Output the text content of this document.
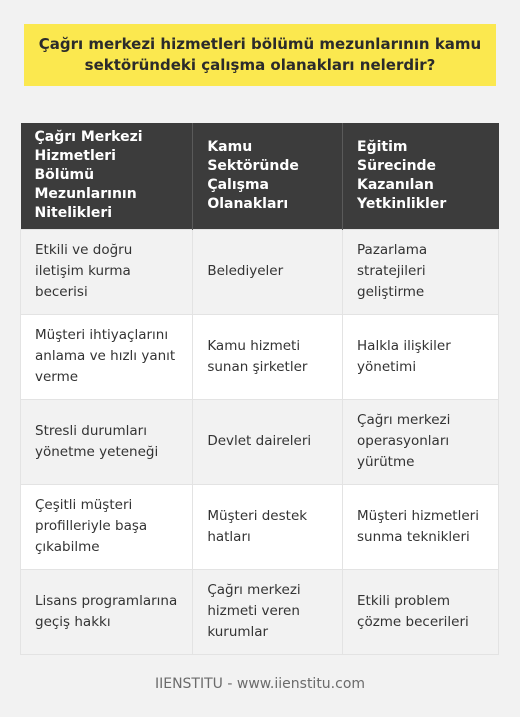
Çağrı merkezi hizmetleri bölümü mezunlarının kamu sektöründeki çalışma olanakları nelerdir?
Çağrı Merkezi Hizmetleri Bölümü Mezunlarının Nitelikleri	Kamu Sektöründe Çalışma Olanakları	Eğitim Sürecinde Kazanılan Yetkinlikler
Etkili ve doğru iletişim kurma becerisi	Belediyeler	Pazarlama stratejileri geliştirme
Müşteri ihtiyaçlarını anlama ve hızlı yanıt verme	Kamu hizmeti sunan şirketler	Halkla ilişkiler yönetimi
Stresli durumları yönetme yeteneği	Devlet daireleri	Çağrı merkezi operasyonları yürütme
Çeşitli müşteri profilleriyle başa çıkabilme	Müşteri destek hatları	Müşteri hizmetleri sunma teknikleri
Lisans programlarına geçiş hakkı	Çağrı merkezi hizmeti veren kurumlar	Etkili problem çözme becerileri
IIENSTITU - www.iienstitu.com
